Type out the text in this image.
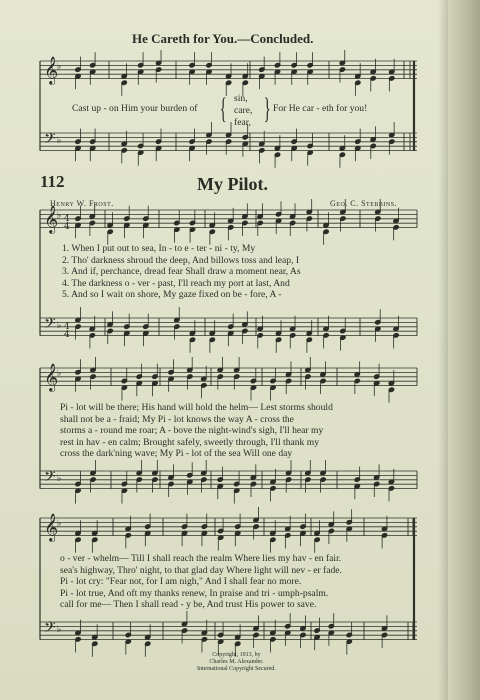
He Careth for You.—Concluded.
112	My Pilot.
Henry W. Frost.	Geo. C. Stebbins.
𝄞
𝄢
♭
♭
𝄞
𝄢
♭
♭
𝄞
𝄢
♭
♭
𝄞
𝄢
♭
♭
4
4
4
4
Cast up - on Him your burden of { sin,
care,
fear, } For He car - eth for you!
1. When I put out to sea, In - to e - ter - ni - ty, My
2. Tho' darkness shroud the deep, And billows toss and leap, I
3. And if, perchance, dread fear Shall draw a moment near, As
4. The darkness o - ver - past, I'll reach my port at last, And
5. And so I wait on shore, My gaze fixed on be - fore, A -
Pi - lot will be there; His hand will hold the helm— Lest storms should
shall not be a - fraid; My Pi - lot knows the way A - cross the
storms a - round me roar; A - bove the night-wind's sigh, I'll hear my
rest in hav - en calm; Brought safely, sweetly through, I'll thank my
cross the dark'ning wave; My Pi - lot of the sea Will one day
o - ver - whelm— Till I shall reach the realm Where lies my hav - en fair.
sea's highway, Thro' night, to that glad day Where light will nev - er fade.
Pi - lot cry: "Fear not, for I am nigh," And I shall fear no more.
Pi - lot true, And oft my thanks renew, In praise and tri - umph-psalm.
call for me— Then I shall read - y be, And trust His power to save.
Copyright, 1913, by
Charles M. Alexander.
International Copyright Secured.
